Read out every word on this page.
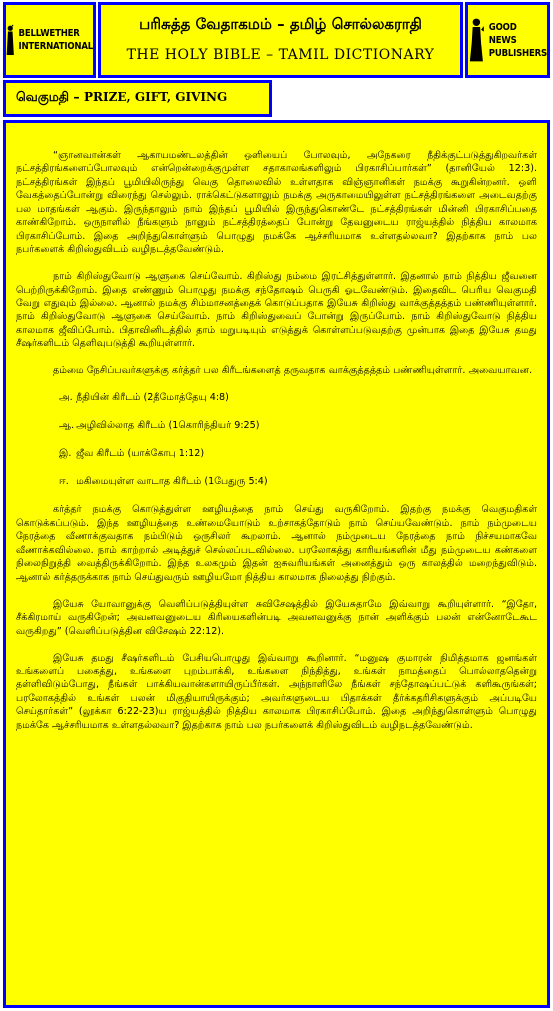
BELLWETHER
INTERNATIONAL
பரிசுத்த வேதாகமம் – தமிழ் சொல்லகராதி
THE HOLY BIBLE – TAMIL DICTIONARY
GOOD NEWS
PUBLISHERS
வெகுமதி – PRIZE, GIFT, GIVING

“ஞானவான்கள் ஆகாயமண்டலத்தின் ஒளியைப் போலவும், அநேகரை நீதிக்குட்படுத்துகிறவர்கள் நட்சத்திரங்களைப்போலவும் என்றென்றைக்குமுள்ள சதாகாலங்களிலும் பிரகாசிப்பார்கள்” (தானியேல் 12:3). நட்சத்திரங்கள் இந்தப் பூமியிலிருந்து வெகு தொலைவில் உள்ளதாக விஞ்ஞானிகள் நமக்கு கூறுகின்றனர். ஒளி வேகத்தைப்போன்று விரைந்து செல்லும். ராக்கெட்டுகளாலும் நமக்கு அருகாமையிலுள்ள நட்சத்திரங்களை அடைவதற்கு பல மாதங்கள் ஆகும். இருந்தாலும் நாம் இந்தப் பூமியில் இருந்துகொண்டே நட்சத்திரங்கள் மின்னி பிரகாசிப்பதை காண்கிறோம். ஒருநாளில் நீங்களும் நானும் நட்சத்திரத்தைப் போன்று தேவனுடைய ராஜ்யத்தில் நித்திய காலமாக பிரகாசிப்போம். இதை அறிந்துகொள்ளும் பொழுது நமக்கே ஆச்சரியமாக உள்ளதல்லவா? இதற்காக நாம் பல நபர்களைக் கிறிஸ்துவிடம் வழிநடத்தவேண்டும்.

நாம் கிறிஸ்துவோடு ஆளுகை செய்வோம். கிறிஸ்து நம்மை இரட்சித்துள்ளார். இதனால் நாம் நித்திய ஜீவனை பெற்றிருக்கிறோம். இதை எண்ணும் பொழுது நமக்கு சந்தோஷம் பெருகி ஓடவேண்டும். இதைவிட பெரிய வெகுமதி வேறு எதுவும் இல்லை. ஆனால் நமக்கு சிம்மாசனத்தைக் கொடுப்பதாக இயேசு கிறிஸ்து வாக்குத்தத்தம் பண்ணியுள்ளார். நாம் கிறிஸ்துவோடு ஆளுகை செய்வோம். நாம் கிறிஸ்துவைப் போன்று இருப்போம். நாம் கிறிஸ்துவோடு நித்திய காலமாக ஜீவிப்போம். பிதாவினிடத்தில் தாம் மறுபடியும் எடுத்துக் கொள்ளப்படுவதற்கு முன்பாக இதை இயேசு தமது சீஷர்களிடம் தெளிவுபடுத்தி கூறியுள்ளார்.

தம்மை நேசிப்பவர்களுக்கு கர்த்தர் பல கிரீடங்களைத் தருவதாக வாக்குத்தத்தம் பண்ணியுள்ளார். அவையாவன.

அ. நீதியின் கிரீடம் (2தீமோத்தேயு 4:8)
ஆ. அழிவில்லாத கிரீடம் (1கொரிந்தியர் 9:25)
இ. ஜீவ கிரீடம் (யாக்கோபு 1:12)
ஈ. மகிமையுள்ள வாடாத கிரீடம் (1பேதுரு 5:4)

கர்த்தர் நமக்கு கொடுத்துள்ள ஊழியத்தை நாம் செய்து வருகிறோம். இதற்கு நமக்கு வெகுமதிகள் கொடுக்கப்படும். இந்த ஊழியத்தை உண்மையோடும் உற்சாகத்தோடும் நாம் செய்யவேண்டும். நாம் நம்முடைய நேரத்தை வீணாக்குவதாக நம்பிடும் ஒருசிலர் கூறலாம். ஆனால் நம்முடைய நேரத்தை நாம் நிச்சயமாகவே வீணாக்கவில்லை. நாம் காற்றால் அடித்துச் செல்லப்படவில்லை. பரலோகத்து காரியங்களின் மீது நம்முடைய கண்களை நிலைநிறுத்தி வைத்திருக்கிறோம். இந்த உலகமும் இதன் ஐசுவரியங்கள் அனைத்தும் ஒரு காலத்தில் மறைந்துவிடும். ஆனால் கர்த்தருக்காக நாம் செய்துவரும் ஊழியமோ நித்திய காலமாக நிலைத்து நிற்கும்.

இயேசு யோவானுக்கு வெளிப்படுத்தியுள்ள சுவிசேஷத்தில் இயேசுதாமே இவ்வாறு கூறியுள்ளார். “இதோ, சீக்கிரமாய் வருகிறேன்; அவனவனுடைய கிரியைகளின்படி அவனவனுக்கு நான் அளிக்கும் பலன் என்னோடேகூட வருகிறது” (வெளிப்படுத்தின விசேஷம் 22:12).

இயேசு தமது சீஷர்களிடம் பேசியபொழுது இவ்வாறு கூறினார். “மனுஷ குமாரன் நிமித்தமாக ஜனங்கள் உங்களைப் பகைத்து, உங்களை புறம்பாக்கி, உங்களை நிந்தித்து, உங்கள் நாமத்தைப் பொல்லாததென்று தள்ளிவிடும்போது, நீங்கள் பாக்கியவான்களாயிருப்பீர்கள். அந்நாளிலே நீங்கள் சந்தோஷப்பட்டுக் களிகூருங்கள்; பரலோகத்தில் உங்கள் பலன் மிகுதியாயிருக்கும்; அவர்களுடைய பிதாக்கள் தீர்க்கதரிசிகளுக்கும் அப்படியே செய்தார்கள்” (லூக்கா 6:22-23)ய ராஜ்யத்தில் நித்திய காலமாக பிரகாசிப்போம். இதை அறிந்துகொள்ளும் பொழுது நமக்கே ஆச்சரியமாக உள்ளதல்லவா? இதற்காக நாம் பல நபர்களைக் கிறிஸ்துவிடம் வழிநடத்தவேண்டும்.
